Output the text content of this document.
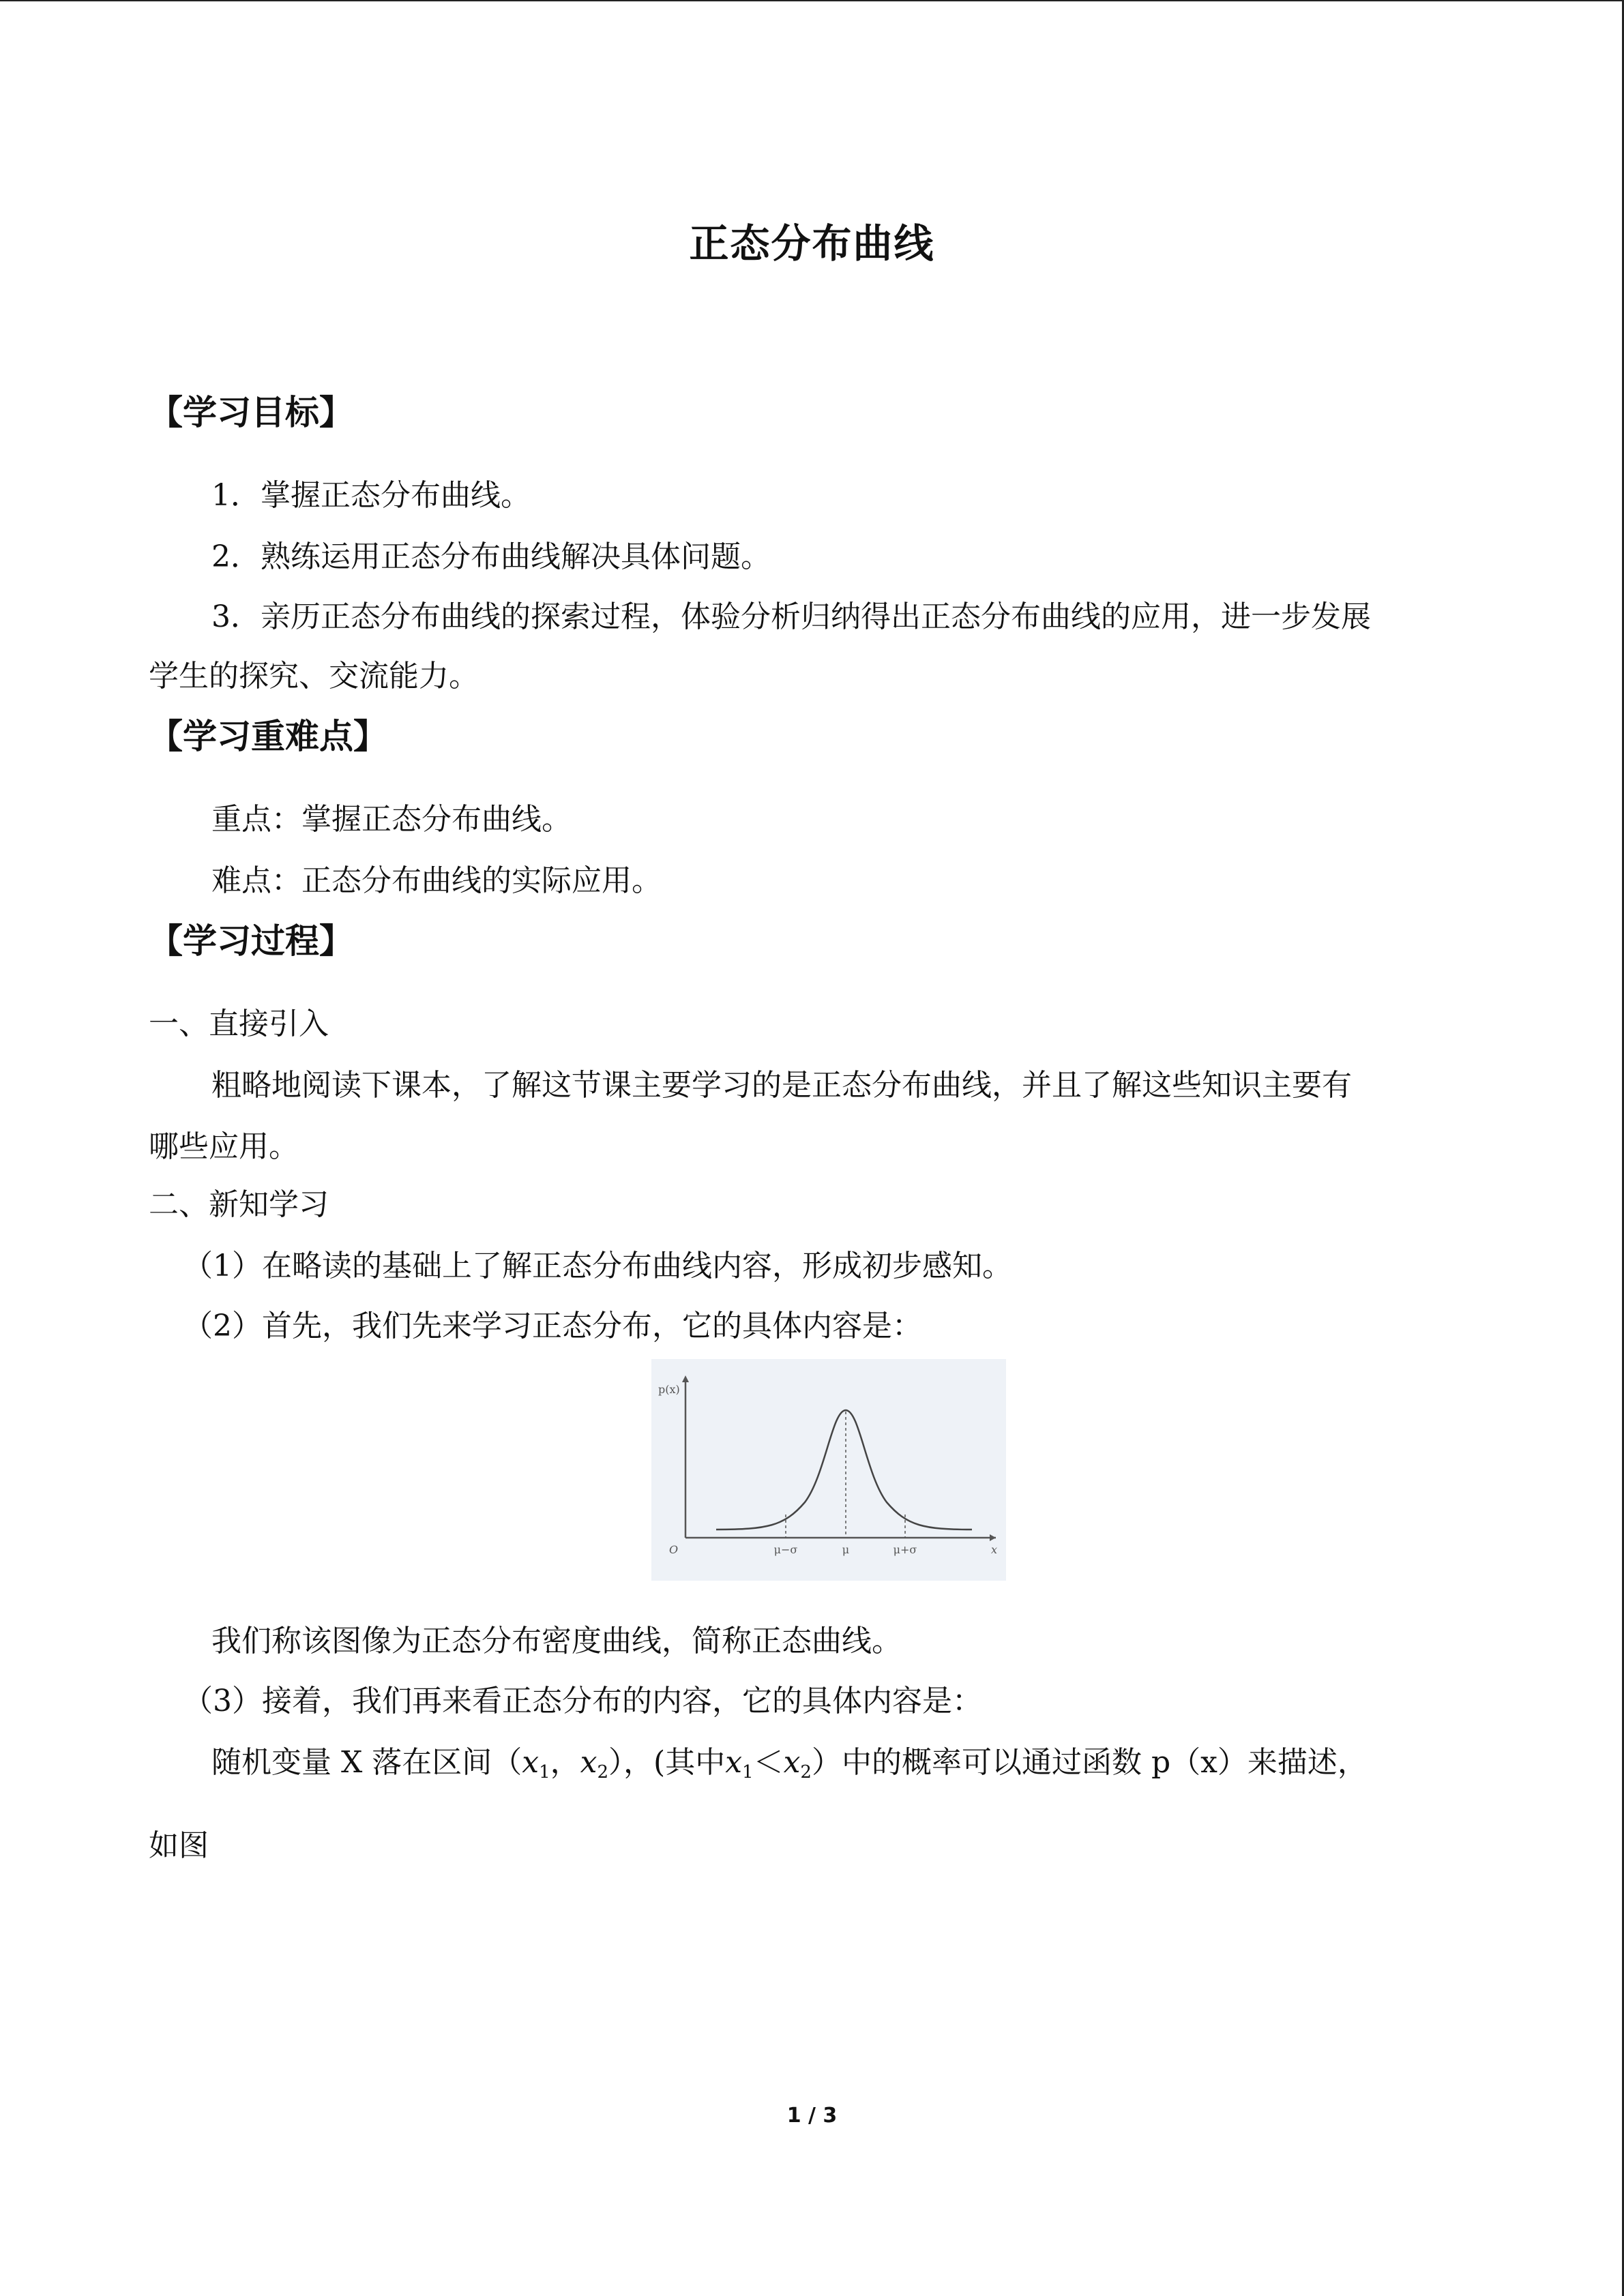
正态分布曲线
【学习目标】
1．掌握正态分布曲线。
2．熟练运用正态分布曲线解决具体问题。
3．亲历正态分布曲线的探索过程，体验分析归纳得出正态分布曲线的应用，进一步发展
学生的探究、交流能力。
【学习重难点】
重点：掌握正态分布曲线。
难点：正态分布曲线的实际应用。
【学习过程】
一、直接引入
粗略地阅读下课本，了解这节课主要学习的是正态分布曲线，并且了解这些知识主要有
哪些应用。
二、新知学习
（1）在略读的基础上了解正态分布曲线内容，形成初步感知。
（2）首先，我们先来学习正态分布，它的具体内容是：
p(x)
O	x
μ−σ	μ	μ+σ
我们称该图像为正态分布密度曲线，简称正态曲线。
（3）接着，我们再来看正态分布的内容，它的具体内容是：
随机变量 X 落在区间（$x_1$，$x_2$），(其中$x_1<x_2$）中的概率可以通过函数 p（x）来描述，
如图
1 / 3
